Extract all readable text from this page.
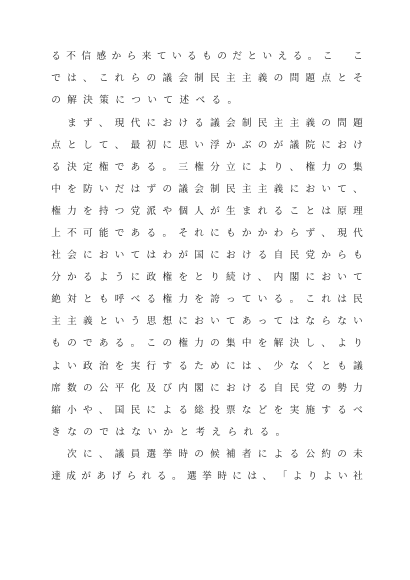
る 不 信 感 か ら 来 て い る も の だ と い え る 。 こ
　 こ
で は 、 こ れ ら の 議 会 制 民 主 主 義 の 問 題 点 と そ
の 解 決 策 に つ い て 述 べ る 。

ま ず 、 現 代 に お け る 議 会 制 民 主 主 義 の 問 題
点 と し て 、 最 初 に 思 い 浮 か ぶ の が 議 院 に お け
る 決 定 権 で あ る 。 三 権 分 立 に よ り 、 権 力 の 集
中 を 防 い だ は ず の 議 会 制 民 主 主 義 に お い て 、
権 力 を 持 つ 党 派 や 個 人 が 生 ま れ る こ と は 原 理
上 不 可 能 で あ る 。 そ れ に も か か わ ら ず 、 現 代
社 会 に お い て は わ が 国 に お け る 自 民 党 か ら も
分 か る よ う に 政 権 を と り 続 け 、 内 閣 に お い て
絶 対 と も 呼 べ る 権 力 を 誇 っ て い る 。 こ れ は 民
主 主 義 と い う 思 想 に お い て あ っ て は な ら な い
も の で あ る 。 こ の 権 力 の 集 中 を 解 決 し 、 よ り
よ い 政 治 を 実 行 す る た め に は 、 少 な く と も 議
席 数 の 公 平 化 及 び 内 閣 に お け る 自 民 党 の 勢 力
縮 小 や 、 国 民 に よ る 総 投 票 な ど を 実 施 す る べ
き な の で は な い か と 考 え ら れ る 。

次 に 、 議 員 選 挙 時 の 候 補 者 に よ る 公 約 の 未
達 成 が あ げ ら れ る 。 選 挙 時 に は 、 「 よ り よ い 社
